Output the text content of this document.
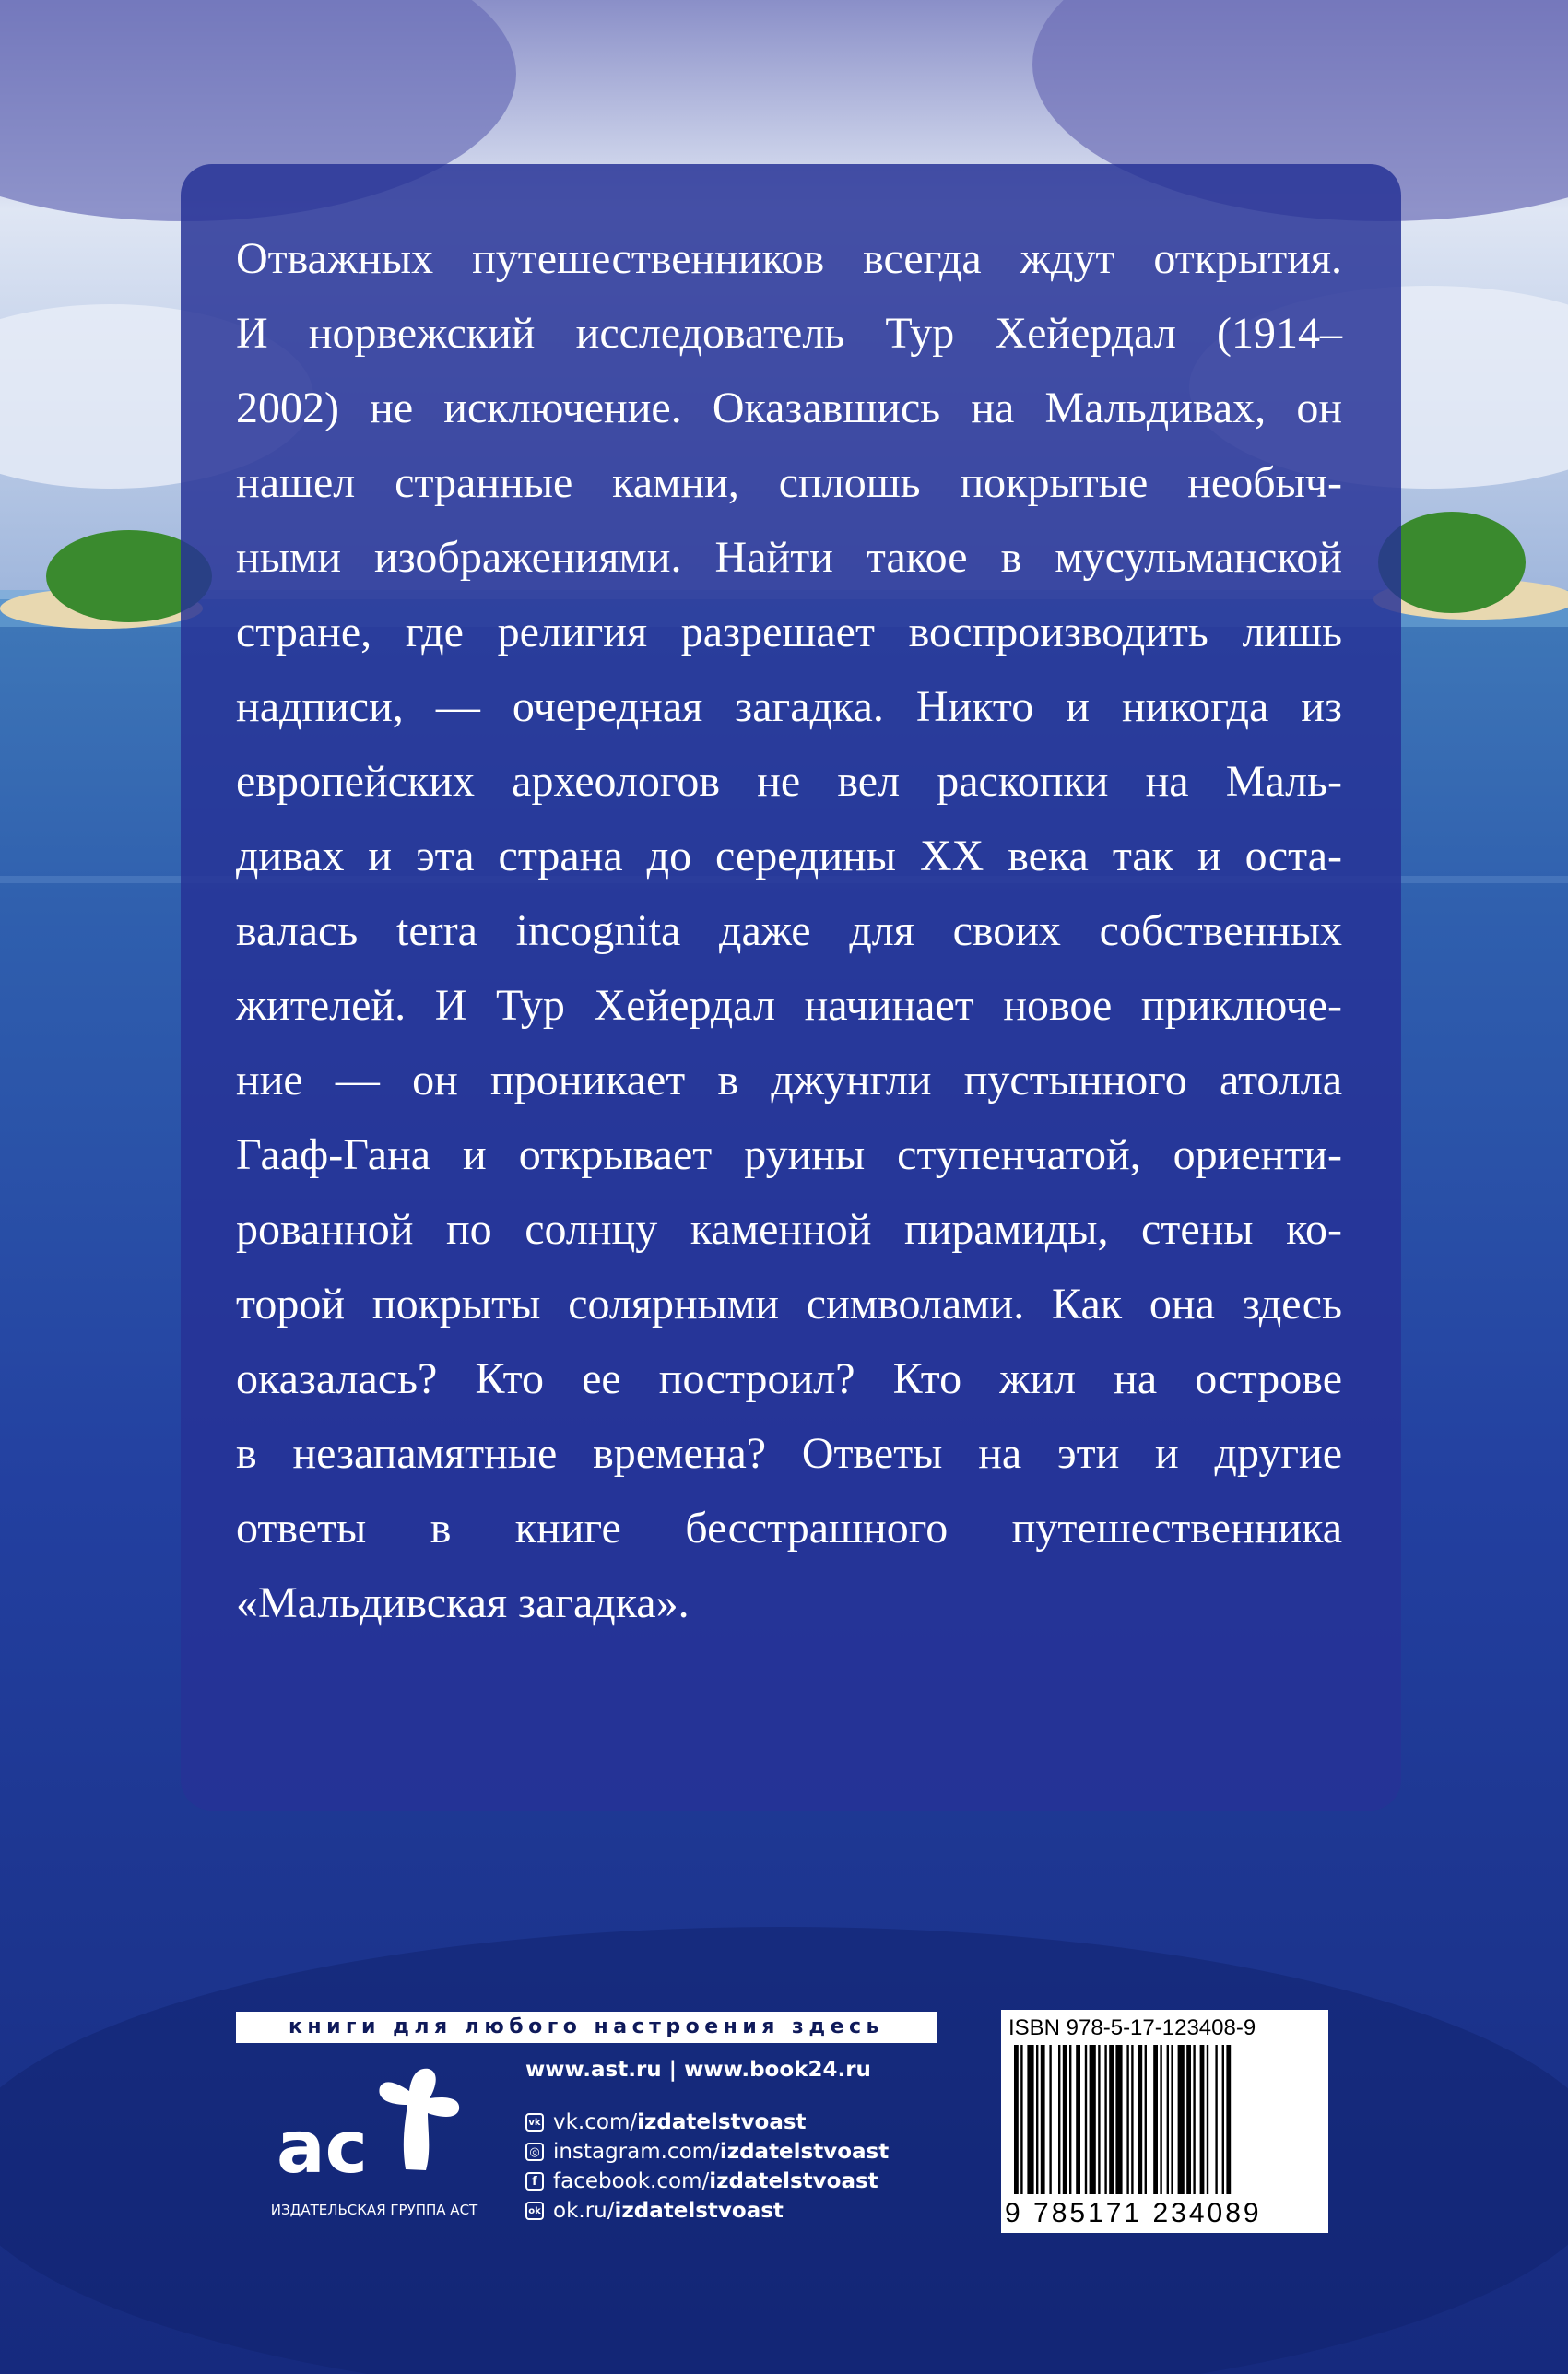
Отважных путешественников всегда ждут открытия.
И норвежский исследователь Тур Хейердал (1914–
2002) не исключение. Оказавшись на Мальдивах, он
нашел странные камни, сплошь покрытые необыч-
ными изображениями. Найти такое в мусульманской
стране, где религия разрешает воспроизводить лишь
надписи, — очередная загадка. Никто и никогда из
европейских археологов не вел раскопки на Маль-
дивах и эта страна до середины XX века так и оста-
валась terra incognita даже для своих собственных
жителей. И Тур Хейердал начинает новое приключе-
ние — он проникает в джунгли пустынного атолла
Гааф-Гана и открывает руины ступенчатой, ориенти-
рованной по солнцу каменной пирамиды, стены ко-
торой покрыты солярными символами. Как она здесь
оказалась? Кто ее построил? Кто жил на острове
в незапамятные времена? Ответы на эти и другие
ответы в книге бесстрашного путешественника
«Мальдивская загадка».
книги для любого настроения здесь
ac
ИЗДАТЕЛЬСКАЯ ГРУППА АСТ
www.ast.ru | www.book24.ru
vk vk.com/ izdatelstvoast
◎ instagram.com/ izdatelstvoast
f facebook.com/ izdatelstvoast
ok ok.ru/ izdatelstvoast
ISBN 978-5-17-123408-9
9 785171 234089
